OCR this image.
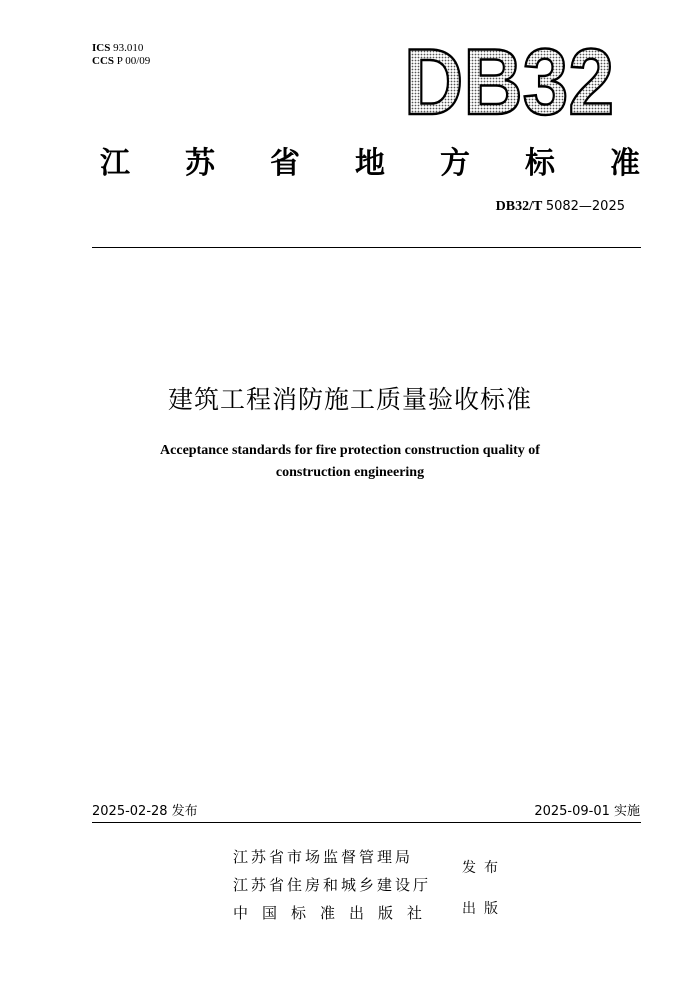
ICS 93.010
CCS P 00/09	DB32
江 苏 省 地 方 标 准
DB32/T 5082—2025
建筑工程消防施工质量验收标准
Acceptance standards for fire protection construction quality of
construction engineering
2025-02-28 发布	2025-09-01 实施
江苏省市场监督管理局
江苏省住房和城乡建设厅
中国标准出版社
发布
出版
